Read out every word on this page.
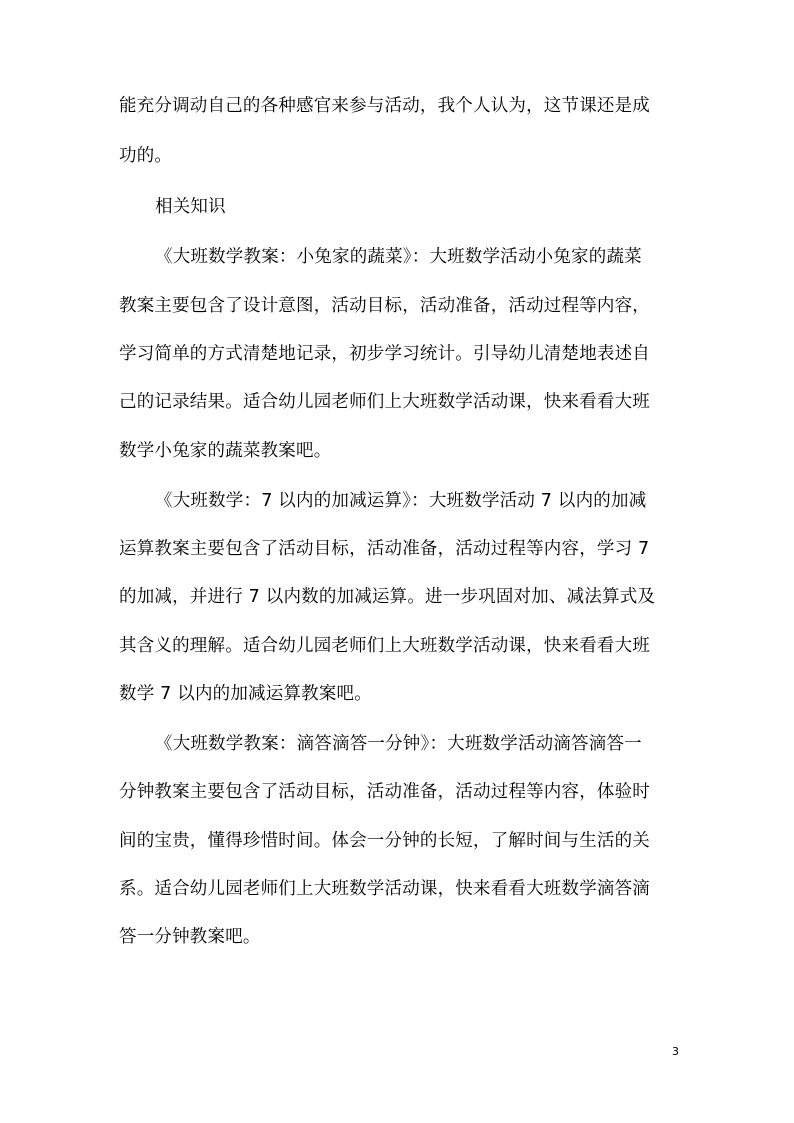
能充分调动自己的各种感官来参与活动，我个人认为，这节课还是成
功的。
相关知识
《大班数学教案：小兔家的蔬菜》：大班数学活动小兔家的蔬菜
教案主要包含了设计意图，活动目标，活动准备，活动过程等内容，
学习简单的方式清楚地记录，初步学习统计。引导幼儿清楚地表述自
己的记录结果。适合幼儿园老师们上大班数学活动课，快来看看大班
数学小兔家的蔬菜教案吧。
《大班数学：7 以内的加减运算》：大班数学活动 7 以内的加减
运算教案主要包含了活动目标，活动准备，活动过程等内容，学习 7
的加减，并进行 7 以内数的加减运算。进一步巩固对加、减法算式及
其含义的理解。适合幼儿园老师们上大班数学活动课，快来看看大班
数学 7 以内的加减运算教案吧。
《大班数学教案：滴答滴答一分钟》：大班数学活动滴答滴答一
分钟教案主要包含了活动目标，活动准备，活动过程等内容，体验时
间的宝贵，懂得珍惜时间。体会一分钟的长短，了解时间与生活的关
系。适合幼儿园老师们上大班数学活动课，快来看看大班数学滴答滴
答一分钟教案吧。
3
